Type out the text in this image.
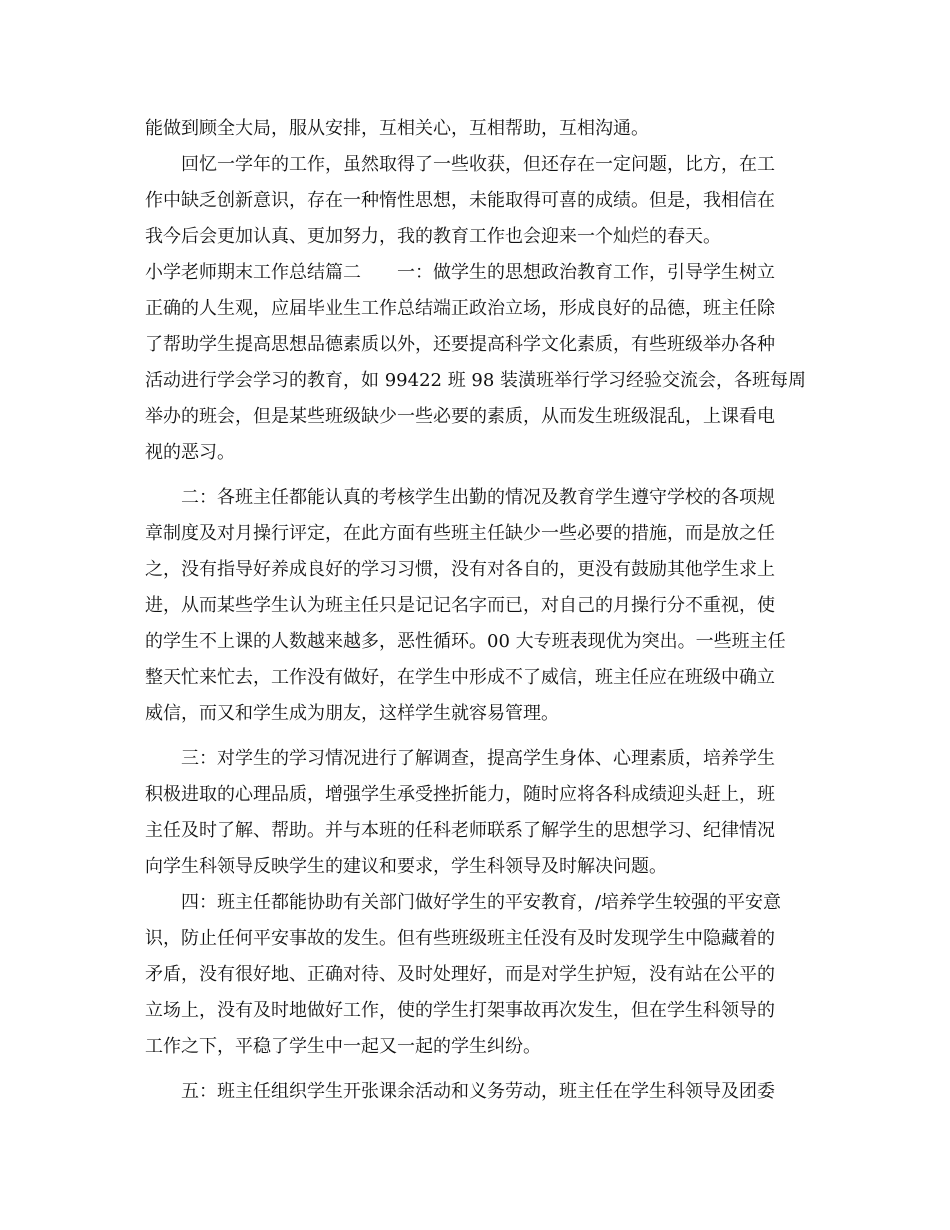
能做到顾全大局，服从安排，互相关心，互相帮助，互相沟通。
回忆一学年的工作，虽然取得了一些收获，但还存在一定问题，比方，在工
作中缺乏创新意识，存在一种惰性思想，未能取得可喜的成绩。但是，我相信在
我今后会更加认真、更加努力，我的教育工作也会迎来一个灿烂的春天。
小学老师期末工作总结篇二　　一：做学生的思想政治教育工作，引导学生树立
正确的人生观，应届毕业生工作总结端正政治立场，形成良好的品德，班主任除
了帮助学生提高思想品德素质以外，还要提高科学文化素质，有些班级举办各种
活动进行学会学习的教育，如 99422 班 98 装潢班举行学习经验交流会，各班每周
举办的班会，但是某些班级缺少一些必要的素质，从而发生班级混乱，上课看电
视的恶习。
二：各班主任都能认真的考核学生出勤的情况及教育学生遵守学校的各项规
章制度及对月操行评定，在此方面有些班主任缺少一些必要的措施，而是放之任
之，没有指导好养成良好的学习习惯，没有对各自的，更没有鼓励其他学生求上
进，从而某些学生认为班主任只是记记名字而已，对自己的月操行分不重视，使
的学生不上课的人数越来越多，恶性循环。00 大专班表现优为突出。一些班主任
整天忙来忙去，工作没有做好，在学生中形成不了威信，班主任应在班级中确立
威信，而又和学生成为朋友，这样学生就容易管理。
三：对学生的学习情况进行了解调查，提高学生身体、心理素质，培养学生
积极进取的心理品质，增强学生承受挫折能力，随时应将各科成绩迎头赶上，班
主任及时了解、帮助。并与本班的任科老师联系了解学生的思想学习、纪律情况
向学生科领导反映学生的建议和要求，学生科领导及时解决问题。
四：班主任都能协助有关部门做好学生的平安教育，/培养学生较强的平安意
识，防止任何平安事故的发生。但有些班级班主任没有及时发现学生中隐藏着的
矛盾，没有很好地、正确对待、及时处理好，而是对学生护短，没有站在公平的
立场上，没有及时地做好工作，使的学生打架事故再次发生，但在学生科领导的
工作之下，平稳了学生中一起又一起的学生纠纷。
五：班主任组织学生开张课余活动和义务劳动，班主任在学生科领导及团委
